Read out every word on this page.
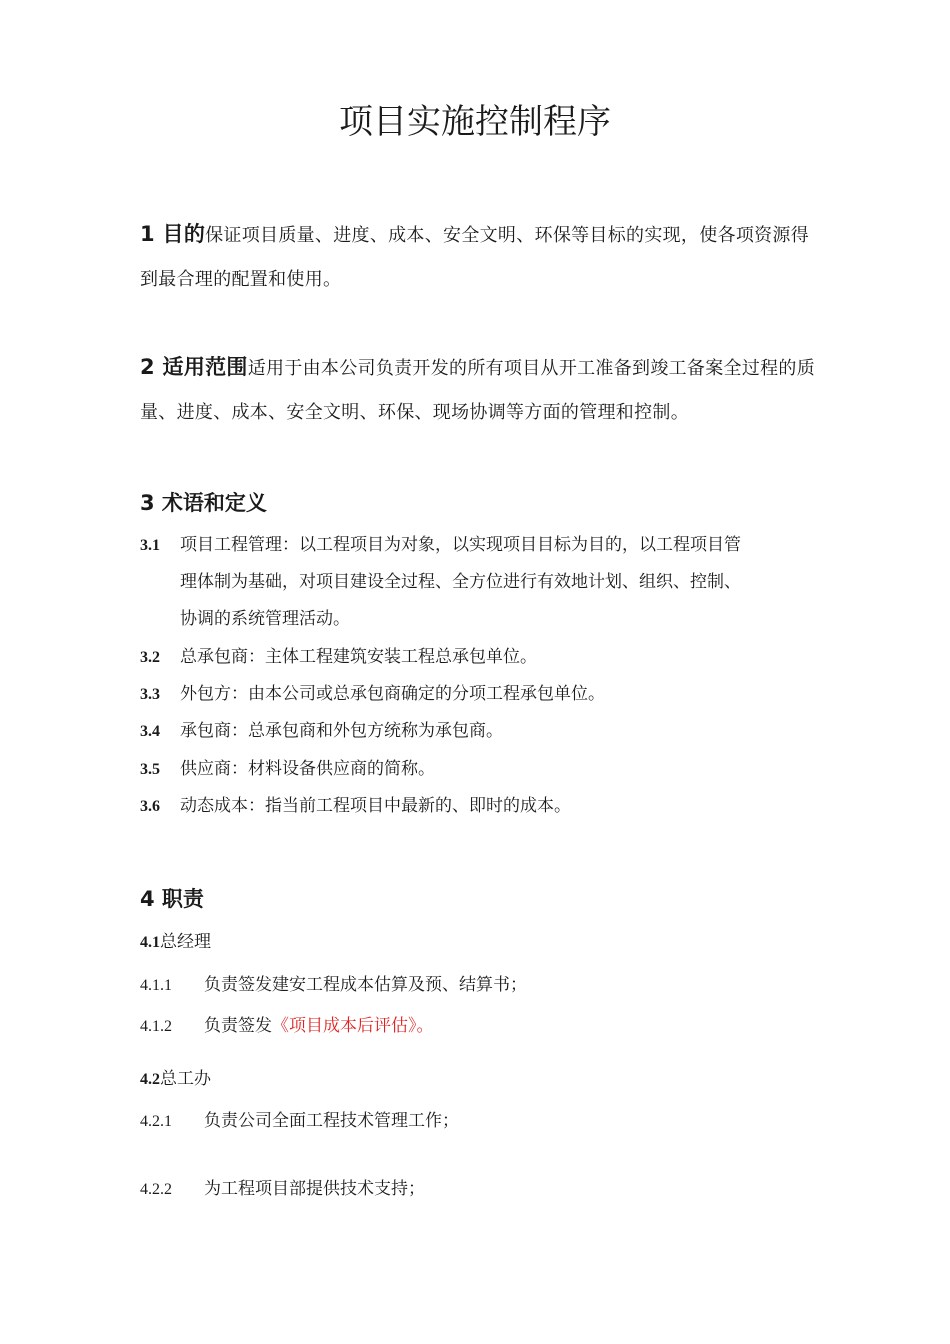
项目实施控制程序

1 目的保证项目质量、进度、成本、安全文明、环保等目标的实现，使各项资源得到最合理的配置和使用。

2 适用范围适用于由本公司负责开发的所有项目从开工准备到竣工备案全过程的质量、进度、成本、安全文明、环保、现场协调等方面的管理和控制。

3 术语和定义
3.1 项目工程管理：以工程项目为对象，以实现项目目标为目的，以工程项目管
理体制为基础，对项目建设全过程、全方位进行有效地计划、组织、控制、
协调的系统管理活动。
3.2 总承包商：主体工程建筑安装工程总承包单位。
3.3 外包方：由本公司或总承包商确定的分项工程承包单位。
3.4 承包商：总承包商和外包方统称为承包商。
3.5 供应商：材料设备供应商的简称。
3.6 动态成本：指当前工程项目中最新的、即时的成本。
4 职责
4.1总经理
4.1.1 负责签发建安工程成本估算及预、结算书；
4.1.2 负责签发《项目成本后评估》。
4.2总工办
4.2.1 负责公司全面工程技术管理工作；
4.2.2 为工程项目部提供技术支持；
